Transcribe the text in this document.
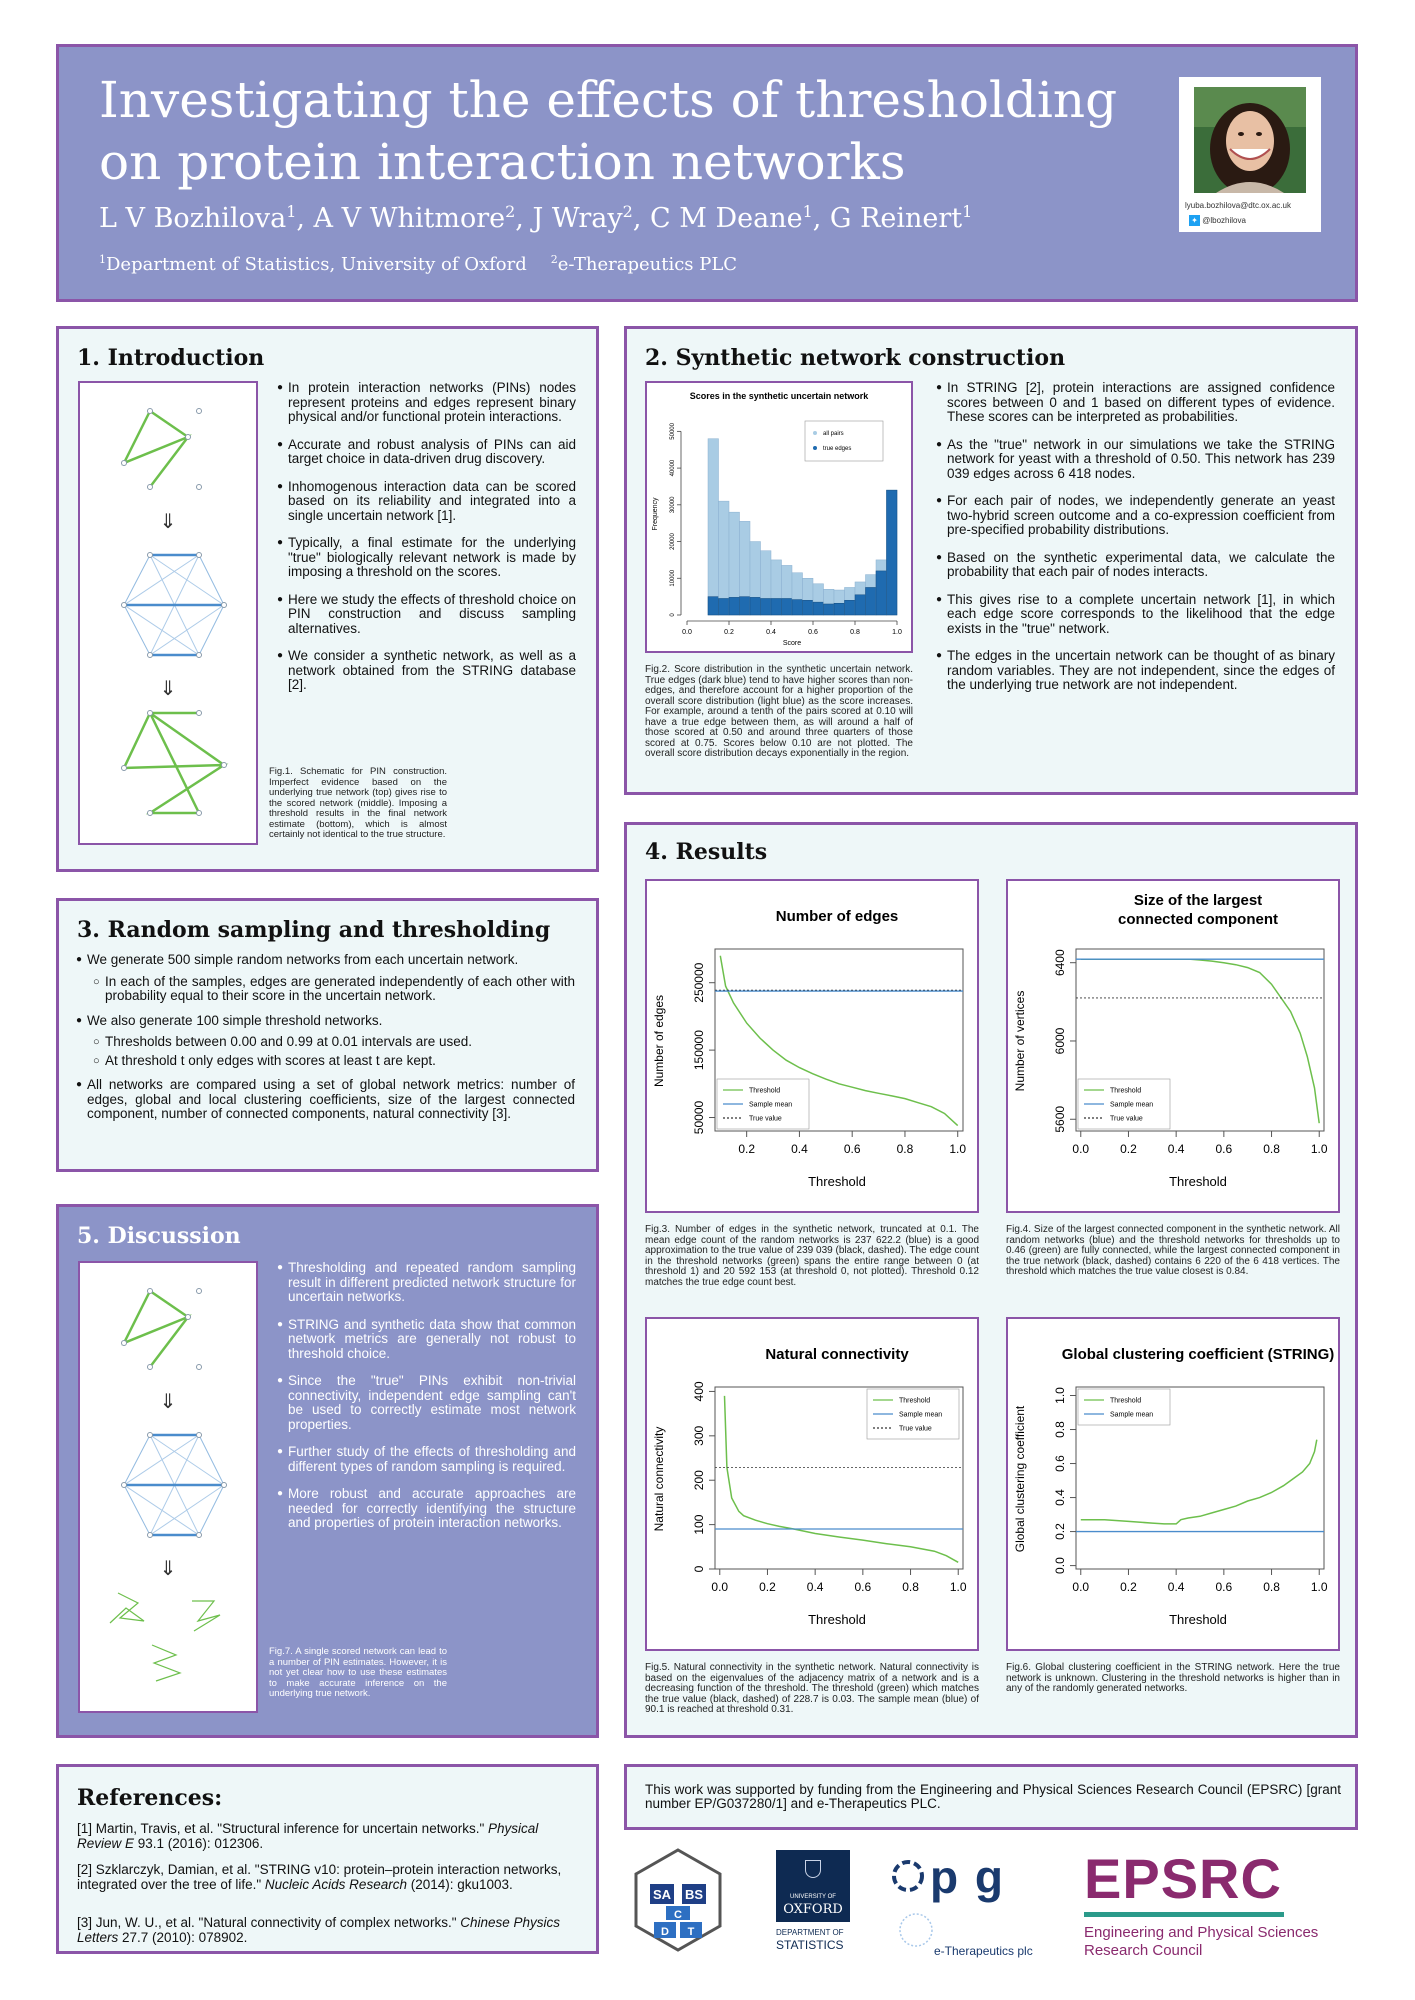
Investigating the effects of thresholding
on protein interaction networks
L V Bozhilova$^1$, A V Whitmore$^2$, J Wray$^2$, C M Deane$^1$, G Reinert$^1$
$^1$Department of Statistics, University of Oxford $^2$e-Therapeutics PLC
lyuba.bozhilova@dtc.ox.ac.uk
✦ @lbozhilova
1. Introduction
⇓
⇓
● In protein interaction networks (PINs) nodes represent proteins and edges represent binary physical and/or functional protein interactions.
● Accurate and robust analysis of PINs can aid target choice in data-driven drug discovery.
● Inhomogenous interaction data can be scored based on its reliability and integrated into a single uncertain network [1].
● Typically, a final estimate for the underlying "true" biologically relevant network is made by imposing a threshold on the scores.
● Here we study the effects of threshold choice on PIN construction and discuss sampling alternatives.
● We consider a synthetic network, as well as a network obtained from the STRING database [2].
Fig.1. Schematic for PIN construction. Imperfect evidence based on the underlying true network (top) gives rise to the scored network (middle). Imposing a threshold results in the final network estimate (bottom), which is almost certainly not identical to the true structure.
2. Synthetic network construction
Scores in the synthetic uncertain network
Score
Frequency
0.0	0.2	0.4	0.6	0.8	1.0
0
10000
20000
30000
40000
50000	all pairs
true edges
Fig.2. Score distribution in the synthetic uncertain network. True edges (dark blue) tend to have higher scores than non-edges, and therefore account for a higher proportion of the overall score distribution (light blue) as the score increases. For example, around a tenth of the pairs scored at 0.10 will have a true edge between them, as will around a half of those scored at 0.50 and around three quarters of those scored at 0.75. Scores below 0.10 are not plotted. The overall score distribution decays exponentially in the region.
● In STRING [2], protein interactions are assigned confidence scores between 0 and 1 based on different types of evidence. These scores can be interpreted as probabilities.
● As the "true" network in our simulations we take the STRING network for yeast with a threshold of 0.50. This network has 239 039 edges across 6 418 nodes.
● For each pair of nodes, we independently generate an yeast two-hybrid screen outcome and a co-expression coefficient from pre-specified probability distributions.
● Based on the synthetic experimental data, we calculate the probability that each pair of nodes interacts.
● This gives rise to a complete uncertain network [1], in which each edge score corresponds to the likelihood that the edge exists in the "true" network.
● The edges in the uncertain network can be thought of as binary random variables. They are not independent, since the edges of the underlying true network are not independent.
3. Random sampling and thresholding
● We generate 500 simple random networks from each uncertain network.
○ In each of the samples, edges are generated independently of each other with probability equal to their score in the uncertain network.
● We also generate 100 simple threshold networks.
○ Thresholds between 0.00 and 0.99 at 0.01 intervals are used.
○ At threshold t only edges with scores at least t are kept.
● All networks are compared using a set of global network metrics: number of edges, global and local clustering coefficients, size of the largest connected component, number of connected components, natural connectivity [3].
4. Results
Number of edges
Threshold
Number of edges
0.2	0.4	0.6	0.8	1.0
50000
150000
250000
Threshold
Sample mean
True value
Size of the largest
connected component
Threshold
Number of vertices
0.0	0.2	0.4	0.6	0.8	1.0
5600
6000
6400
Threshold
Sample mean
True value
Fig.3. Number of edges in the synthetic network, truncated at 0.1. The mean edge count of the random networks is 237 622.2 (blue) is a good approximation to the true value of 239 039 (black, dashed). The edge count in the threshold networks (green) spans the entire range between 0 (at threshold 1) and 20 592 153 (at threshold 0, not plotted). Threshold 0.12 matches the true edge count best.
Fig.4. Size of the largest connected component in the synthetic network. All random networks (blue) and the threshold networks for thresholds up to 0.46 (green) are fully connected, while the largest connected component in the true network (black, dashed) contains 6 220 of the 6 418 vertices. The threshold which matches the true value closest is 0.84.
Natural connectivity
Threshold
Natural connectivity
0.0	0.2	0.4	0.6	0.8	1.0
0
100
200
300
400	Threshold
Sample mean
True value
Global clustering coefficient (STRING)
Threshold
Global clustering coefficient
0.0	0.2	0.4	0.6	0.8	1.0
0.0
0.2
0.4
0.6
0.8
1.0	Threshold
Sample mean
Fig.5. Natural connectivity in the synthetic network. Natural connectivity is based on the eigenvalues of the adjacency matrix of a network and is a decreasing function of the threshold. The threshold (green) which matches the true value (black, dashed) of 228.7 is 0.03. The sample mean (blue) of 90.1 is reached at threshold 0.31.
Fig.6. Global clustering coefficient in the STRING network. Here the true network is unknown. Clustering in the threshold networks is higher than in any of the randomly generated networks.
5. Discussion
⇓
⇓
● Thresholding and repeated random sampling result in different predicted network structure for uncertain networks.
● STRING and synthetic data show that common network metrics are generally not robust to threshold choice.
● Since the "true" PINs exhibit non-trivial connectivity, independent edge sampling can't be used to correctly estimate most network properties.
● Further study of the effects of thresholding and different types of random sampling is required.
● More robust and accurate approaches are needed for correctly identifying the structure and properties of protein interaction networks.
Fig.7. A single scored network can lead to a number of PIN estimates. However, it is not yet clear how to use these estimates to make accurate inference on the underlying true network.
References:
[1] Martin, Travis, et al. "Structural inference for uncertain networks." Physical Review E 93.1 (2016): 012306.
[2] Szklarczyk, Damian, et al. "STRING v10: protein–protein interaction networks, integrated over the tree of life." Nucleic Acids Research (2014): gku1003.
[3] Jun, W. U., et al. "Natural connectivity of complex networks." Chinese Physics Letters 27.7 (2010): 078902.
This work was supported by funding from the Engineering and Physical Sciences Research Council (EPSRC) [grant number EP/G037280/1] and e-Therapeutics PLC.
SA BS
C
D T
UNIVERSITY OF
OXFORD
DEPARTMENT OF
STATISTICS
p g
e-Therapeutics plc
EPSRC
Engineering and Physical Sciences
Research Council
